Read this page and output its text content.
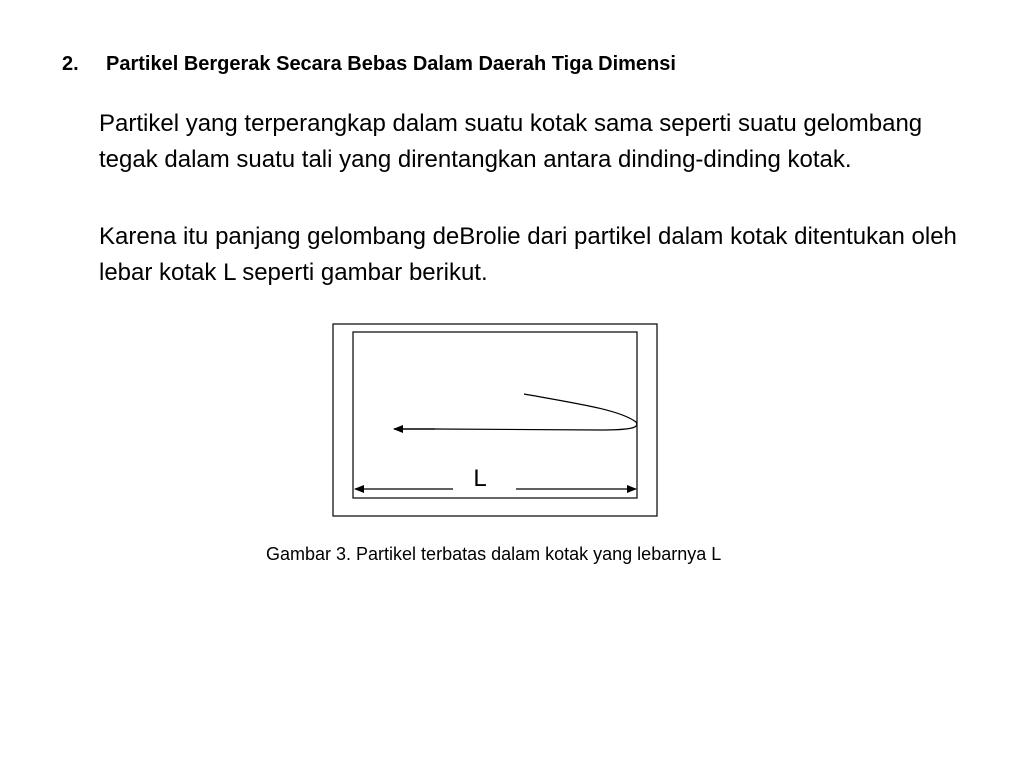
2. Partikel Bergerak Secara Bebas Dalam Daerah Tiga Dimensi

Partikel yang terperangkap dalam suatu kotak sama seperti suatu gelombang tegak dalam suatu tali yang direntangkan antara dinding-dinding kotak.

Karena itu panjang gelombang deBrolie dari partikel dalam kotak ditentukan oleh lebar kotak L seperti gambar berikut.

L
Gambar 3. Partikel terbatas dalam kotak yang lebarnya L
